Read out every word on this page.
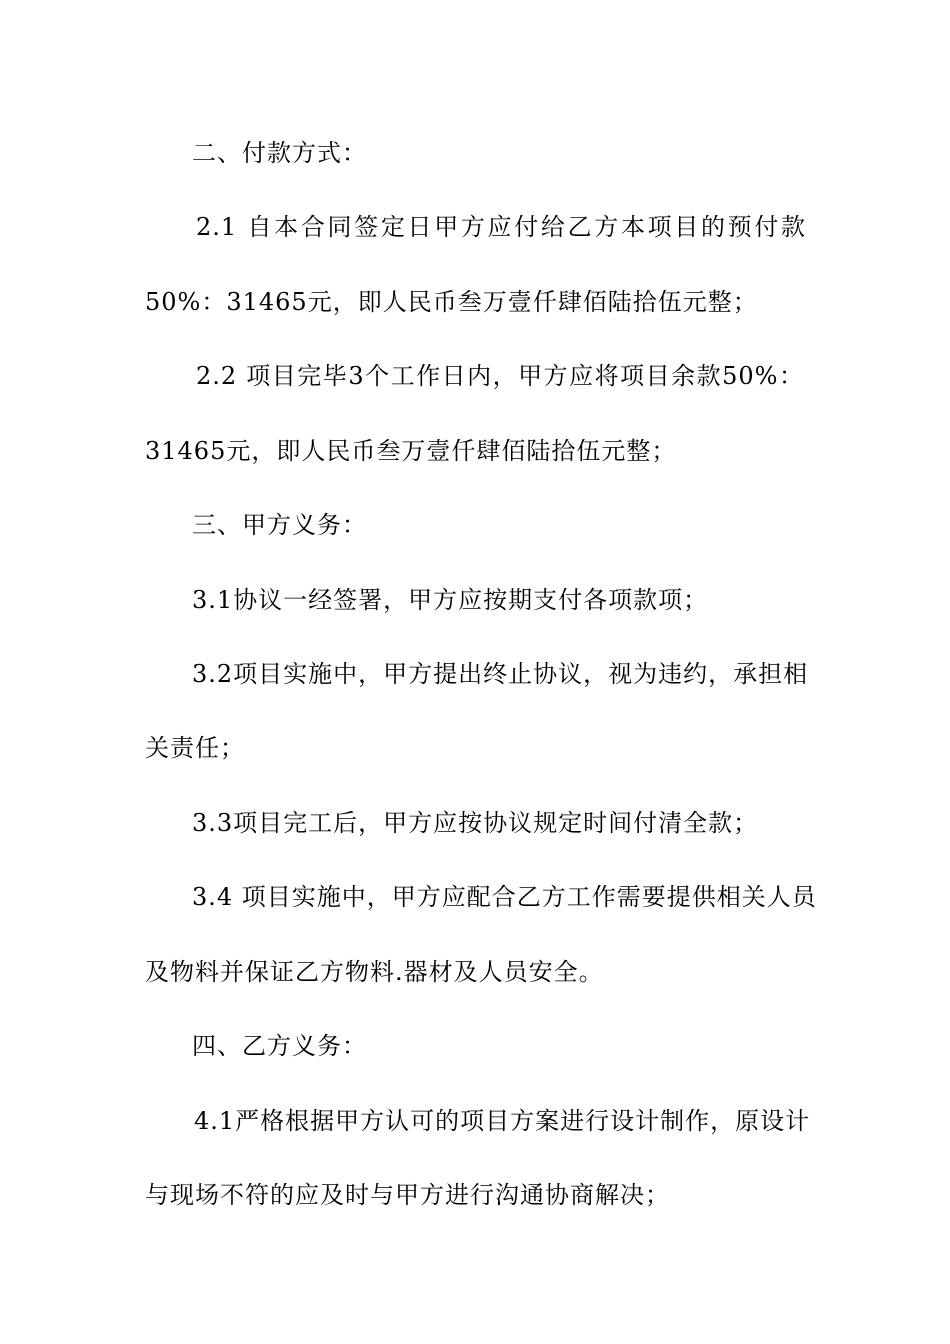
二、付款方式：
2.1 自本合同签定日甲方应付给乙方本项目的预付款
50%：31465元，即人民币叁万壹仟肆佰陆拾伍元整；
2.2 项目完毕3个工作日内，甲方应将项目余款50%：
31465元，即人民币叁万壹仟肆佰陆拾伍元整；
三、甲方义务：
3.1协议一经签署，甲方应按期支付各项款项；
3.2项目实施中，甲方提出终止协议，视为违约，承担相
关责任；
3.3项目完工后，甲方应按协议规定时间付清全款；
3.4 项目实施中，甲方应配合乙方工作需要提供相关人员
及物料并保证乙方物料.器材及人员安全。
四、乙方义务：
4.1严格根据甲方认可的项目方案进行设计制作，原设计
与现场不符的应及时与甲方进行沟通协商解决；
